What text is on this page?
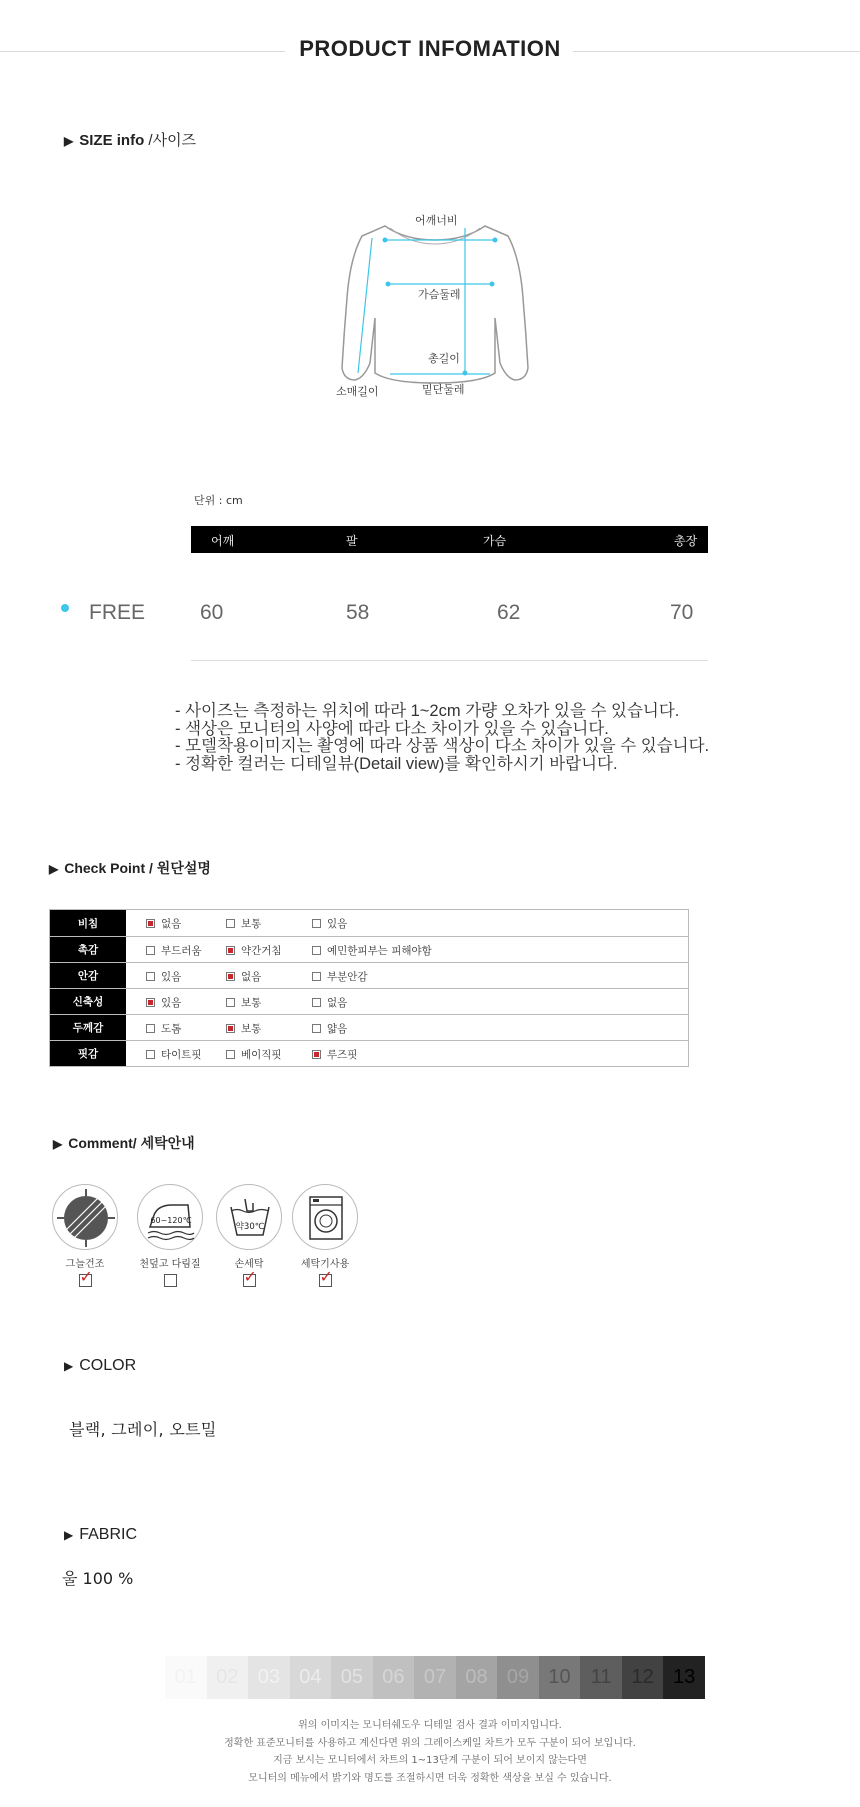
PRODUCT INFOMATION
▶ SIZE info /사이즈
어깨너비
가슴둘레
총길이
소매길이	밑단둘레
단위 : cm
어깨	팔	가슴	총장
FREE	60	58	62	70
- 사이즈는 측정하는 위치에 따라 1~2cm 가량 오차가 있을 수 있습니다.
- 색상은 모니터의 사양에 따라 다소 차이가 있을 수 있습니다.
- 모델착용이미지는 촬영에 따라 상품 색상이 다소 차이가 있을 수 있습니다.
- 정확한 컬러는 디테일뷰(Detail view)를 확인하시기 바랍니다.
▶ Check Point / 원단설명
비침	없음	보통	있음
촉감	부드러움	약간거침	예민한피부는 피해야함
안감	있음	없음	부분안감
신축성	있음	보통	없음
두께감	도톰	보통	얇음
핏감	타이트핏	베이직핏	루즈핏
▶ Comment/ 세탁안내
그늘건조
✓
60~120℃
천덮고 다림질
약30℃
손세탁
✓	세탁기사용
✓
▶ COLOR
블랙, 그레이, 오트밀
▶ FABRIC
울 100 %
01 02 03 04 05 06 07 08 09 10	11	12 13
위의 이미지는 모니터쉐도우 디테일 검사 결과 이미지입니다.
정확한 표준모니터를 사용하고 계신다면 위의 그레이스케일 차트가 모두 구분이 되어 보입니다.
지금 보시는 모니터에서 차트의 1~13단계 구분이 되어 보이지 않는다면
모니터의 메뉴에서 밝기와 명도를 조절하시면 더욱 정확한 색상을 보실 수 있습니다.
